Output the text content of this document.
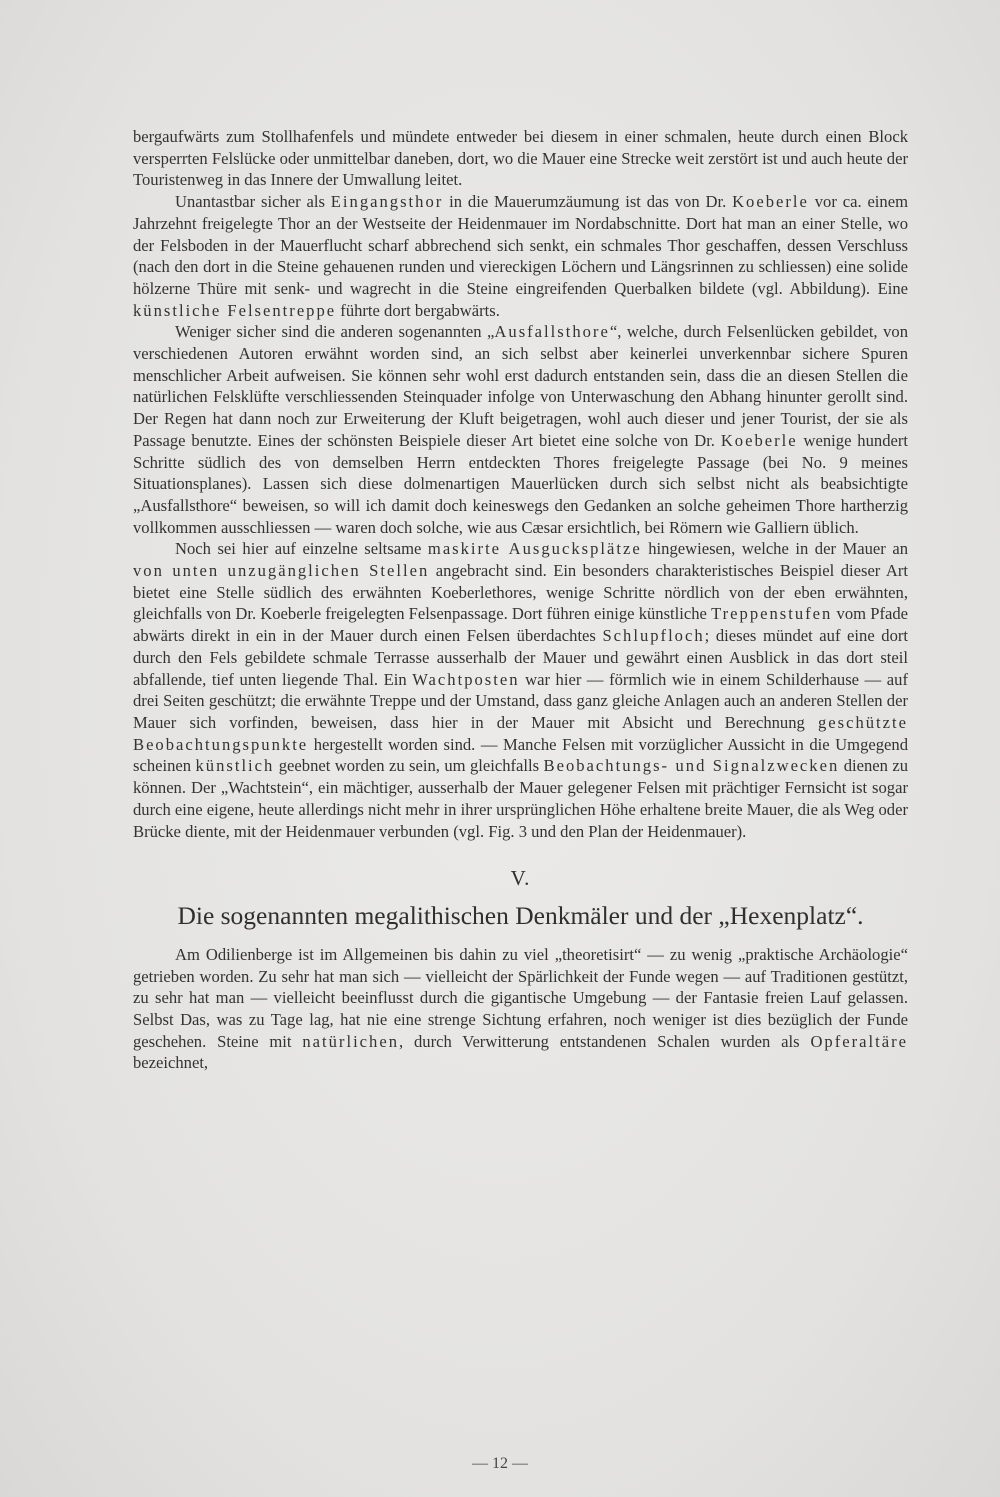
bergaufwärts zum Stollhafenfels und mündete entweder bei diesem in einer schmalen, heute durch einen Block versperrten Felslücke oder unmittelbar daneben, dort, wo die Mauer eine Strecke weit zerstört ist und auch heute der Touristenweg in das Innere der Umwallung leitet.

Unantastbar sicher als Eingangsthor in die Mauerumzäumung ist das von Dr. Koeberle vor ca. einem Jahrzehnt freigelegte Thor an der Westseite der Heidenmauer im Nordabschnitte. Dort hat man an einer Stelle, wo der Felsboden in der Mauerflucht scharf abbrechend sich senkt, ein schmales Thor geschaffen, dessen Verschluss (nach den dort in die Steine gehauenen runden und viereckigen Löchern und Längsrinnen zu schliessen) eine solide hölzerne Thüre mit senk- und wagrecht in die Steine eingreifenden Querbalken bildete (vgl. Abbildung). Eine künstliche Felsentreppe führte dort bergabwärts.

Weniger sicher sind die anderen sogenannten „Ausfallsthore“, welche, durch Felsenlücken gebildet, von verschiedenen Autoren erwähnt worden sind, an sich selbst aber keinerlei unverkennbar sichere Spuren menschlicher Arbeit aufweisen. Sie können sehr wohl erst dadurch entstanden sein, dass die an diesen Stellen die natürlichen Felsklüfte verschliessenden Steinquader infolge von Unterwaschung den Abhang hinunter gerollt sind. Der Regen hat dann noch zur Erweiterung der Kluft beigetragen, wohl auch dieser und jener Tourist, der sie als Passage benutzte. Eines der schönsten Beispiele dieser Art bietet eine solche von Dr. Koeberle wenige hundert Schritte südlich des von demselben Herrn entdeckten Thores freigelegte Passage (bei No. 9 meines Situationsplanes). Lassen sich diese dolmenartigen Mauerlücken durch sich selbst nicht als beabsichtigte „Ausfallsthore“ beweisen, so will ich damit doch keineswegs den Gedanken an solche geheimen Thore hartherzig vollkommen ausschliessen — waren doch solche, wie aus Cæsar ersichtlich, bei Römern wie Galliern üblich.

Noch sei hier auf einzelne seltsame maskirte Ausgucksplätze hingewiesen, welche in der Mauer an von unten unzugänglichen Stellen angebracht sind. Ein besonders charakteristisches Beispiel dieser Art bietet eine Stelle südlich des erwähnten Koeberlethores, wenige Schritte nördlich von der eben erwähnten, gleichfalls von Dr. Koeberle freigelegten Felsenpassage. Dort führen einige künstliche Treppenstufen vom Pfade abwärts direkt in ein in der Mauer durch einen Felsen überdachtes Schlupfloch; dieses mündet auf eine dort durch den Fels gebildete schmale Terrasse ausserhalb der Mauer und gewährt einen Ausblick in das dort steil abfallende, tief unten liegende Thal. Ein Wachtposten war hier — förmlich wie in einem Schilderhause — auf drei Seiten geschützt; die erwähnte Treppe und der Umstand, dass ganz gleiche Anlagen auch an anderen Stellen der Mauer sich vorfinden, beweisen, dass hier in der Mauer mit Absicht und Berechnung geschützte Beobachtungspunkte hergestellt worden sind. — Manche Felsen mit vorzüglicher Aussicht in die Umgegend scheinen künstlich geebnet worden zu sein, um gleichfalls Beobachtungs- und Signalzwecken dienen zu können. Der „Wachtstein“, ein mächtiger, ausserhalb der Mauer gelegener Felsen mit prächtiger Fernsicht ist sogar durch eine eigene, heute allerdings nicht mehr in ihrer ursprünglichen Höhe erhaltene breite Mauer, die als Weg oder Brücke diente, mit der Heidenmauer verbunden (vgl. Fig. 3 und den Plan der Heidenmauer).

V.
Die sogenannten megalithischen Denkmäler und der „Hexenplatz“.

Am Odilienberge ist im Allgemeinen bis dahin zu viel „theoretisirt“ — zu wenig „praktische Archäologie“ getrieben worden. Zu sehr hat man sich — vielleicht der Spärlichkeit der Funde wegen — auf Traditionen gestützt, zu sehr hat man — vielleicht beeinflusst durch die gigantische Umgebung — der Fantasie freien Lauf gelassen. Selbst Das, was zu Tage lag, hat nie eine strenge Sichtung erfahren, noch weniger ist dies bezüglich der Funde geschehen. Steine mit natürlichen, durch Verwitterung entstandenen Schalen wurden als Opferaltäre bezeichnet,

— 12 —
